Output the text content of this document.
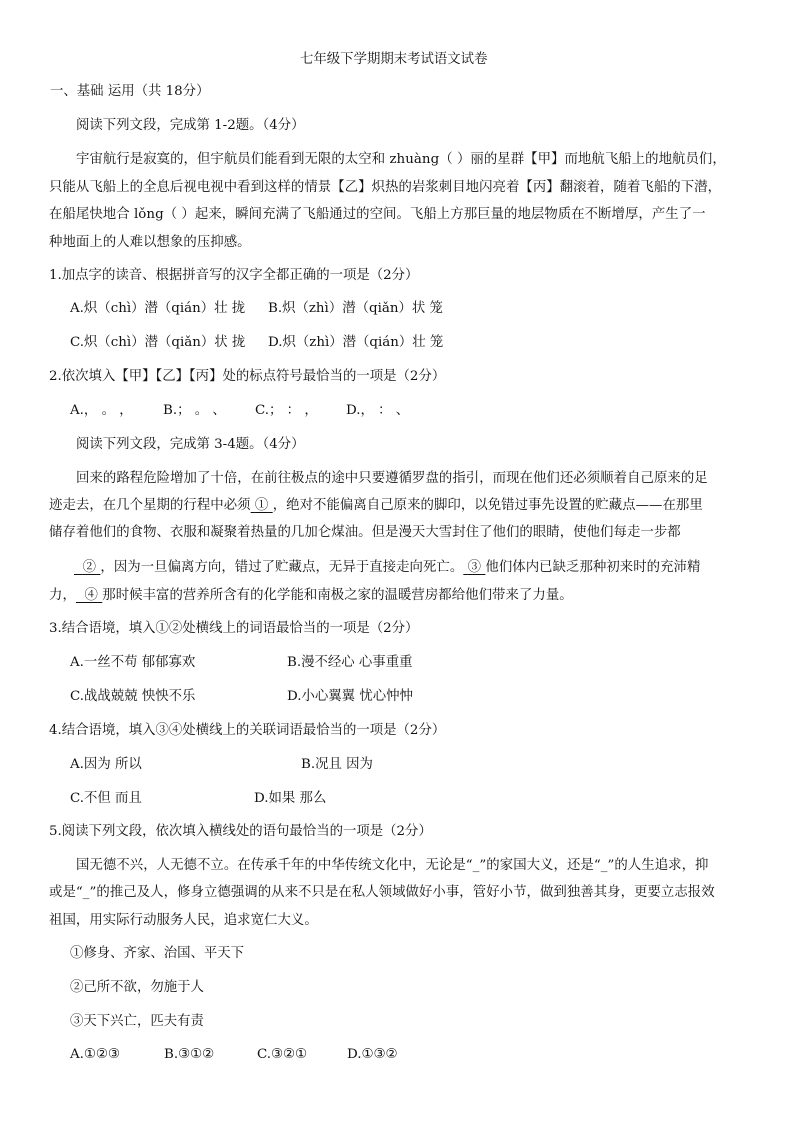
七年级下学期期末考试语文试卷
一、基础 运用（共 18分）
阅读下列文段，完成第 1-2题。（4分）
宇宙航行是寂寞的，但宇航员们能看到无限的太空和 zhuàng（ ）丽的星群【甲】而地航飞船上的地航员们，
只能从飞船上的全息后视电视中看到这样的情景【乙】炽热的岩浆刺目地闪亮着【丙】翻滚着，随着飞船的下潜，
在船尾快地合 lǒng（ ）起来，瞬间充满了飞船通过的空间。飞船上方那巨量的地层物质在不断增厚，产生了一
种地面上的人难以想象的压抑感。
1.加点字的读音、根据拼音写的汉字全都正确的一项是（2分）
A.炽（chì）潜（qián）壮 拢 B.炽（zhì）潜（qiǎn）状 笼
C.炽（chì）潜（qiǎn）状 拢 D.炽（zhì）潜（qián）壮 笼
2.依次填入【甲】【乙】【丙】处的标点符号最恰当的一项是（2分）
A.， 。 ， B.； 。 、 C.； ： ， D.， ： 、
阅读下列文段，完成第 3-4题。（4分）
回来的路程危险增加了十倍，在前往极点的途中只要遵循罗盘的指引，而现在他们还必须顺着自己原来的足
迹走去，在几个星期的行程中必须 ① ，绝对不能偏离自己原来的脚印，以免错过事先设置的贮藏点——在那里
储存着他们的食物、衣服和凝聚着热量的几加仑煤油。但是漫天大雪封住了他们的眼睛，使他们每走一步都
② ，因为一旦偏离方向，错过了贮藏点，无异于直接走向死亡。 ③ 他们体内已缺乏那种初来时的充沛精
力， ④ 那时候丰富的营养所含有的化学能和南极之家的温暖营房都给他们带来了力量。
3.结合语境，填入①②处横线上的词语最恰当的一项是（2分）
A.一丝不苟 郁郁寡欢	B.漫不经心 心事重重
C.战战兢兢 怏怏不乐	D.小心翼翼 忧心忡忡
4.结合语境，填入③④处横线上的关联词语最恰当的一项是（2分）
A.因为 所以	B.况且 因为
C.不但 而且	D.如果 那么
5.阅读下列文段，依次填入横线处的语句最恰当的一项是（2分）
国无德不兴，人无德不立。在传承千年的中华传统文化中，无论是“_”的家国大义，还是“_”的人生追求，抑
或是“_”的推己及人，修身立德强调的从来不只是在私人领域做好小事，管好小节，做到独善其身，更要立志报效
祖国，用实际行动服务人民，追求宽仁大义。
①修身、齐家、治国、平天下
②己所不欲，勿施于人
③天下兴亡，匹夫有责
A.①②③	B.③①②	C.③②①	D.①③②
